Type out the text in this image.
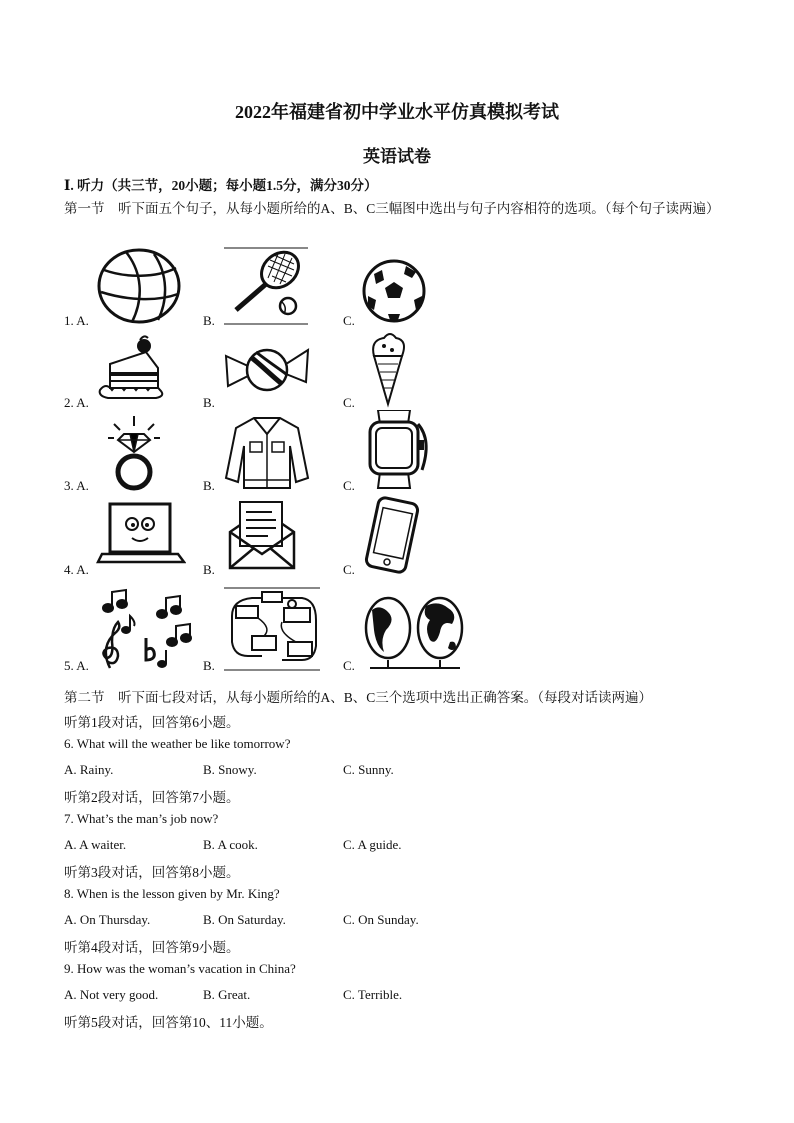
2022年福建省初中学业水平仿真模拟考试
英语试卷
Ⅰ. 听力（共三节，20小题；每小题1.5分，满分30分）
第一节　听下面五个句子，从每小题所给的A、B、C三幅图中选出与句子内容相符的选项。（每个句子读两遍）
1. A.	B.	C.
2. A.	B.	C.
3. A.	B.	C.
4. A.	B.	C.
5. A.	B.	C.
第二节　听下面七段对话，从每小题所给的A、B、C三个选项中选出正确答案。（每段对话读两遍）
听第1段对话，回答第6小题。
6. What will the weather be like tomorrow?
A. Rainy.	B. Snowy.	C. Sunny.
听第2段对话，回答第7小题。
7. What’s the man’s job now?
A. A waiter.	B. A cook.	C. A guide.
听第3段对话，回答第8小题。
8. When is the lesson given by Mr. King?
A. On Thursday.	B. On Saturday.	C. On Sunday.
听第4段对话，回答第9小题。
9. How was the woman’s vacation in China?
A. Not very good.	B. Great.	C. Terrible.
听第5段对话，回答第10、11小题。
